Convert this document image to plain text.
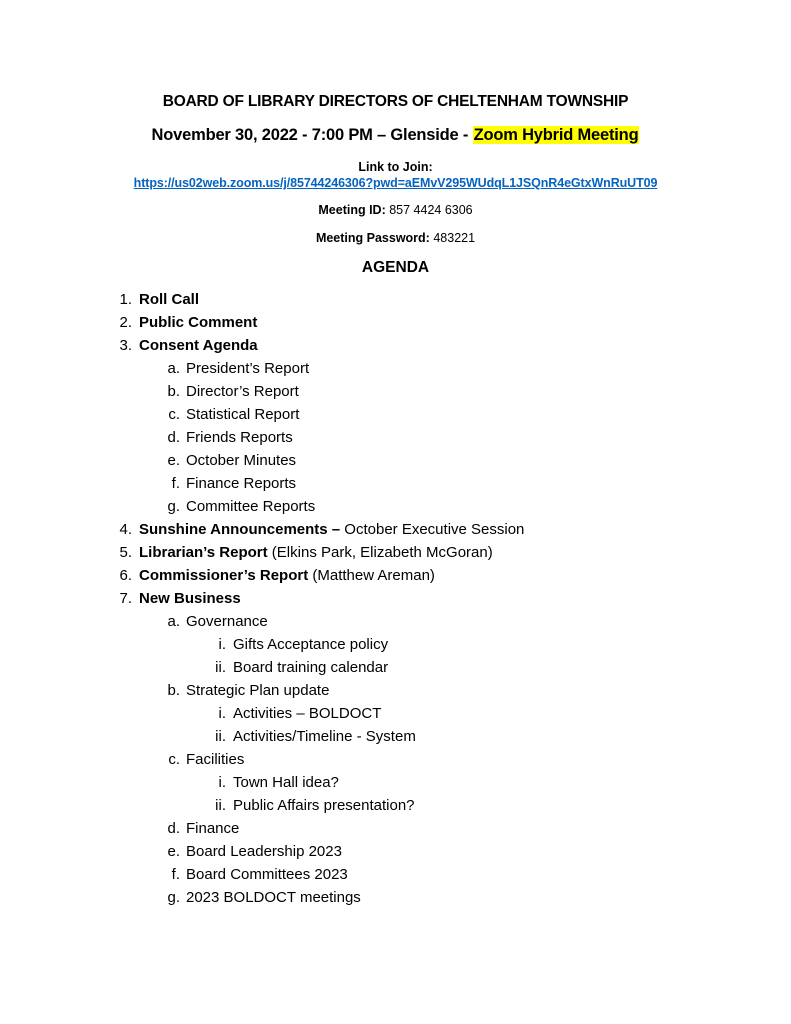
BOARD OF LIBRARY DIRECTORS OF CHELTENHAM TOWNSHIP
November 30, 2022 - 7:00 PM – Glenside - Zoom Hybrid Meeting
Link to Join:
https://us02web.zoom.us/j/85744246306?pwd=aEMvV295WUdqL1JSQnR4eGtxWnRuUT09
Meeting ID: 857 4424 6306
Meeting Password: 483221
AGENDA
1. Roll Call
2. Public Comment
3. Consent Agenda
a. President’s Report
b. Director’s Report
c. Statistical Report
d. Friends Reports
e. October Minutes
f. Finance Reports
g. Committee Reports
4. Sunshine Announcements – October Executive Session
5. Librarian’s Report (Elkins Park, Elizabeth McGoran)
6. Commissioner’s Report (Matthew Areman)
7. New Business
a. Governance
i. Gifts Acceptance policy
ii. Board training calendar
b. Strategic Plan update
i. Activities – BOLDOCT
ii. Activities/Timeline - System
c. Facilities
i. Town Hall idea?
ii. Public Affairs presentation?
d. Finance
e. Board Leadership 2023
f. Board Committees 2023
g. 2023 BOLDOCT meetings
